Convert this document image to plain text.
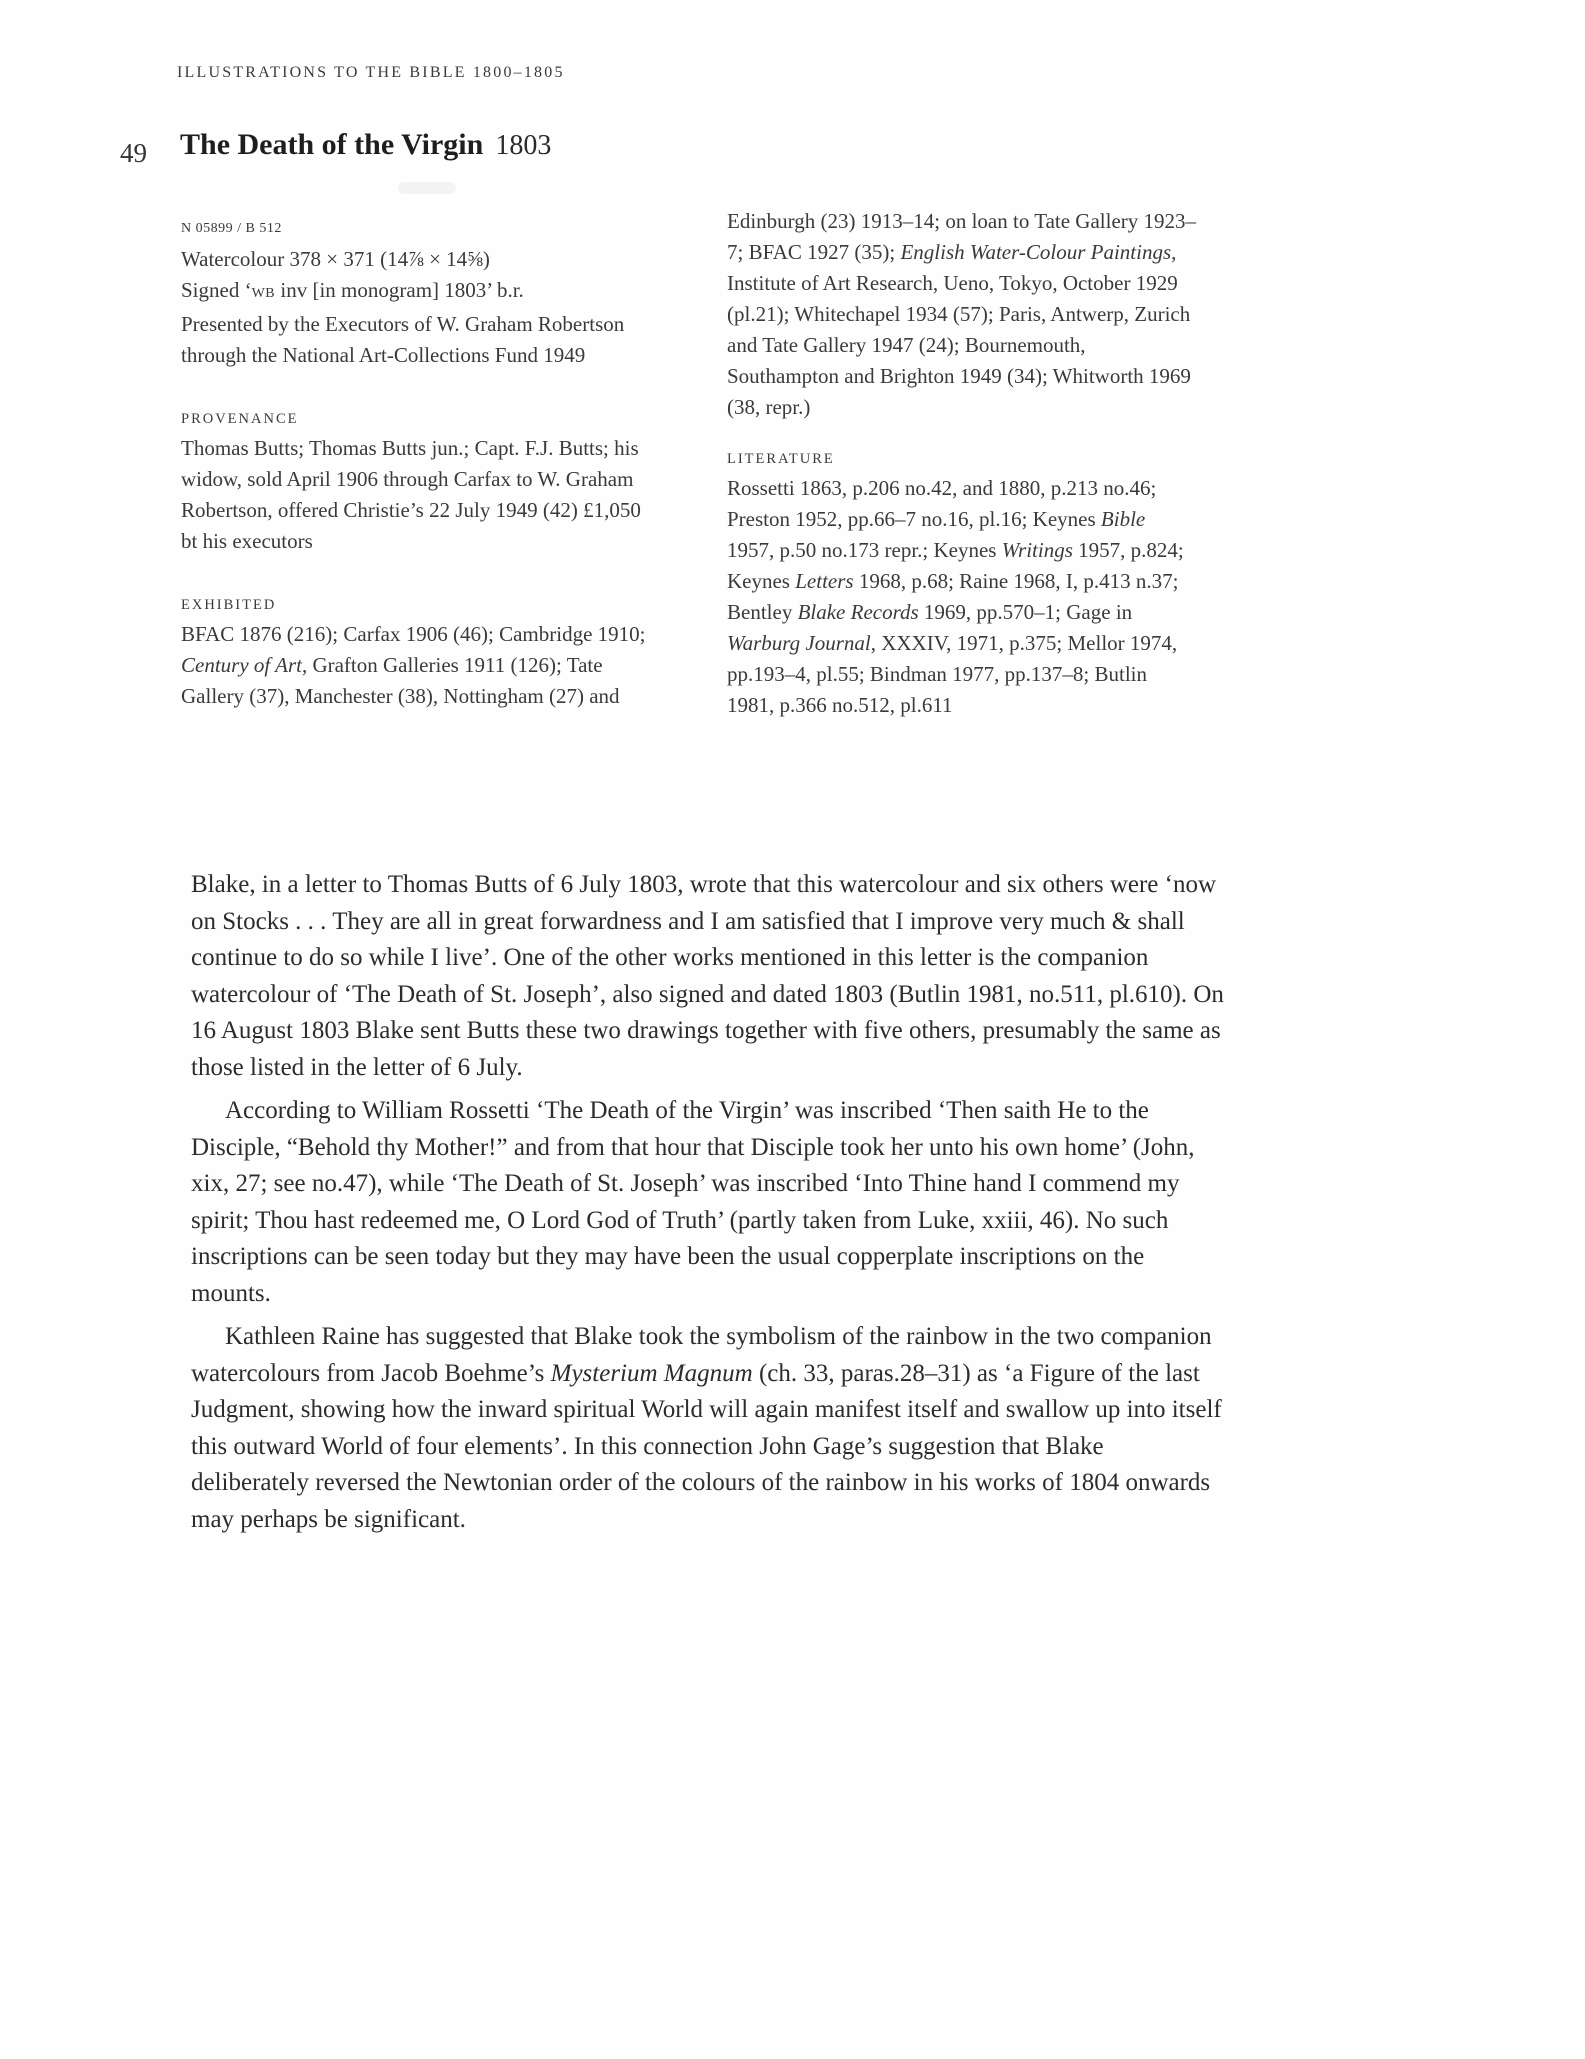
ILLUSTRATIONS TO THE BIBLE 1800–1805
49 The Death of the Virgin 1803

N 05899 / B 512

Watercolour 378 × 371 (14⅞ × 14⅝)

Signed ‘WB inv [in monogram] 1803’ b.r.

Presented by the Executors of W. Graham Robertson through the National Art-Collections Fund 1949

PROVENANCE

Thomas Butts; Thomas Butts jun.; Capt. F.J. Butts; his widow, sold April 1906 through Carfax to W. Graham Robertson, offered Christie’s 22 July 1949 (42) £1,050 bt his executors

EXHIBITED

BFAC 1876 (216); Carfax 1906 (46); Cambridge 1910; Century of Art, Grafton Galleries 1911 (126); Tate Gallery (37), Manchester (38), Nottingham (27) and

Edinburgh (23) 1913–14; on loan to Tate Gallery 1923–7; BFAC 1927 (35); English Water-Colour Paintings, Institute of Art Research, Ueno, Tokyo, October 1929 (pl.21); Whitechapel 1934 (57); Paris, Antwerp, Zurich and Tate Gallery 1947 (24); Bournemouth, Southampton and Brighton 1949 (34); Whitworth 1969 (38, repr.)

LITERATURE

Rossetti 1863, p.206 no.42, and 1880, p.213 no.46; Preston 1952, pp.66–7 no.16, pl.16; Keynes Bible 1957, p.50 no.173 repr.; Keynes Writings 1957, p.824; Keynes Letters 1968, p.68; Raine 1968, I, p.413 n.37; Bentley Blake Records 1969, pp.570–1; Gage in Warburg Journal, XXXIV, 1971, p.375; Mellor 1974, pp.193–4, pl.55; Bindman 1977, pp.137–8; Butlin 1981, p.366 no.512, pl.611

Blake, in a letter to Thomas Butts of 6 July 1803, wrote that this watercolour and six others were ‘now on Stocks . . . They are all in great forwardness and I am satisfied that I improve very much & shall continue to do so while I live’. One of the other works mentioned in this letter is the companion watercolour of ‘The Death of St. Joseph’, also signed and dated 1803 (Butlin 1981, no.511, pl.610). On 16 August 1803 Blake sent Butts these two drawings together with five others, presumably the same as those listed in the letter of 6 July.

According to William Rossetti ‘The Death of the Virgin’ was inscribed ‘Then saith He to the Disciple, “Behold thy Mother!” and from that hour that Disciple took her unto his own home’ (John, xix, 27; see no.47), while ‘The Death of St. Joseph’ was inscribed ‘Into Thine hand I commend my spirit; Thou hast redeemed me, O Lord God of Truth’ (partly taken from Luke, xxiii, 46). No such inscriptions can be seen today but they may have been the usual copperplate inscriptions on the mounts.

Kathleen Raine has suggested that Blake took the symbolism of the rainbow in the two companion watercolours from Jacob Boehme’s Mysterium Magnum (ch. 33, paras.28–31) as ‘a Figure of the last Judgment, showing how the inward spiritual World will again manifest itself and swallow up into itself this outward World of four elements’. In this connection John Gage’s suggestion that Blake deliberately reversed the Newtonian order of the colours of the rainbow in his works of 1804 onwards may perhaps be significant.
